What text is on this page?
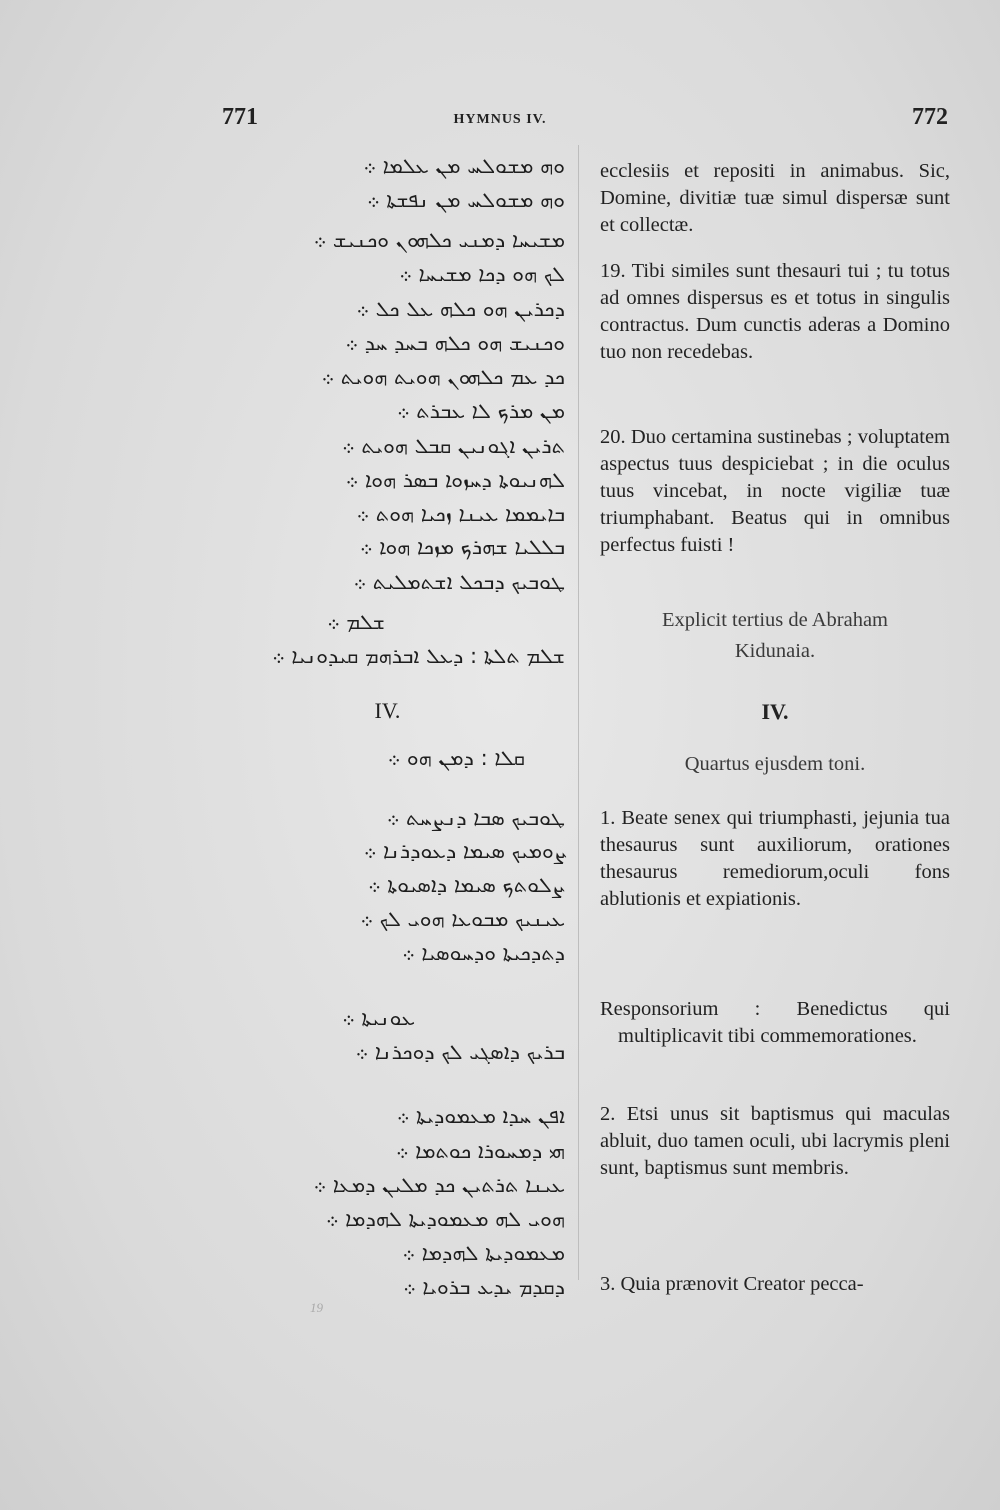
771	HYMNUS IV.	772
ܘܗ ܡܫܘܠܚ ܡܢ ܥܠܡܐ ܀
ܘܗ ܡܫܘܠܚ ܡܢ ܢܦܫܬܐ ܀
ܡܫܝܚܐ ܕܡܢܝ ܟܠܗܘܢ ܘܟܢܝܫ ܀
ܠܟ ܗܘ ܕܟܐ ܡܫܝܚܐ ܀
ܕܟܪܝܢ ܗܘ ܟܠܗ ܥܠ ܟܠ ܀
ܘܟܢܝܫ ܗܘ ܟܠܗ ܒܚܕ ܚܕ ܀
ܟܕ ܥܡ ܟܠܗܘܢ ܗܘܝܬ ܗܘܝܬ ܀
ܡܢ ܡܪܟ ܠܐ ܥܒܪܬ ܀
ܬܪܝܢ ܐܓܘܢܝܢ ܩܒܠ ܗܘܝܬ ܀
ܠܗܢܝܘܬܐ ܕܚܙܘܐ ܒܣܪ ܗܘܐ ܀
ܒܐܝܡܡܐ ܥܝܢܐ ܙܟܝܐ ܗܘܬ ܀
ܒܠܠܝܐ ܫܗܪܟ ܡܙܟܐ ܗܘܐ ܀
ܛܘܒܝܟ ܕܒܟܠ ܐܫܬܡܠܝܬ ܀
ܫܠܡ ܀
ܫܠܡ ܬܠܬܐ : ܕܥܠ ܐܒܪܗܡ ܩܝܕܘܢܝܐ ܀
IV.
ܩܠܐ : ܕܡܢ ܗܘ ܀
ܛܘܒܝܟ ܣܒܐ ܕܢܨܚܬ ܀
ܨܘܡܝܟ ܣܝܡܐ ܕܥܘܕܪܢܐ ܀
ܨܠܘܬܟ ܣܝܡܐ ܕܐܣܝܘܬܐ ܀
ܥܝܢܝܟ ܡܒܘܥܐ ܗܘܝ ܠܟ ܀
ܕܬܕܟܝܬܐ ܘܕܚܘܣܝܐ ܀
ܥܘܢܝܬܐ ܀
ܒܪܝܟ ܕܐܣܓܝ ܠܟ ܕܘܟܪܢܐ ܀
ܐܦܢ ܚܕܐ ܡܥܡܘܕܝܬܐ ܀
ܗܝ ܕܡܚܘܪܐ ܟܘܬܡܐ ܀
ܥܝܢܐ ܬܪܬܝܢ ܟܕ ܡܠܝܢ ܕܡܥܐ ܀
ܗܘܝ ܠܗ ܡܥܡܘܕܝܬܐ ܠܗܕܡܐ ܀
ܡܥܡܘܕܝܬܐ ܠܗܕܡܐ ܀
ܕܩܕܡ ܝܕܥ ܒܪܘܝܐ ܀
19

ecclesiis et repositi in animabus. Sic, Domine, divitiæ tuæ simul dispersæ sunt et collectæ.

19. Tibi similes sunt thesauri tui ; tu totus ad omnes dispersus es et totus in singulis contractus. Dum cunctis aderas a Domino tuo non recedebas.

20. Duo certamina sustinebas ; voluptatem aspectus tuus despiciebat ; in die oculus tuus vincebat, in nocte vigiliæ tuæ triumphabant. Beatus qui in omnibus perfectus fuisti !

Explicit tertius de Abraham

Kidunaia.

IV.

Quartus ejusdem toni.

1. Beate senex qui triumphasti, jejunia tua thesaurus sunt auxiliorum, orationes thesaurus remediorum,oculi fons ablutionis et expiationis.

Responsorium : Benedictus qui multiplicavit tibi commemorationes.

2. Etsi unus sit baptismus qui maculas abluit, duo tamen oculi, ubi lacrymis pleni sunt, baptismus sunt membris.

3. Quia prænovit Creator pecca-
